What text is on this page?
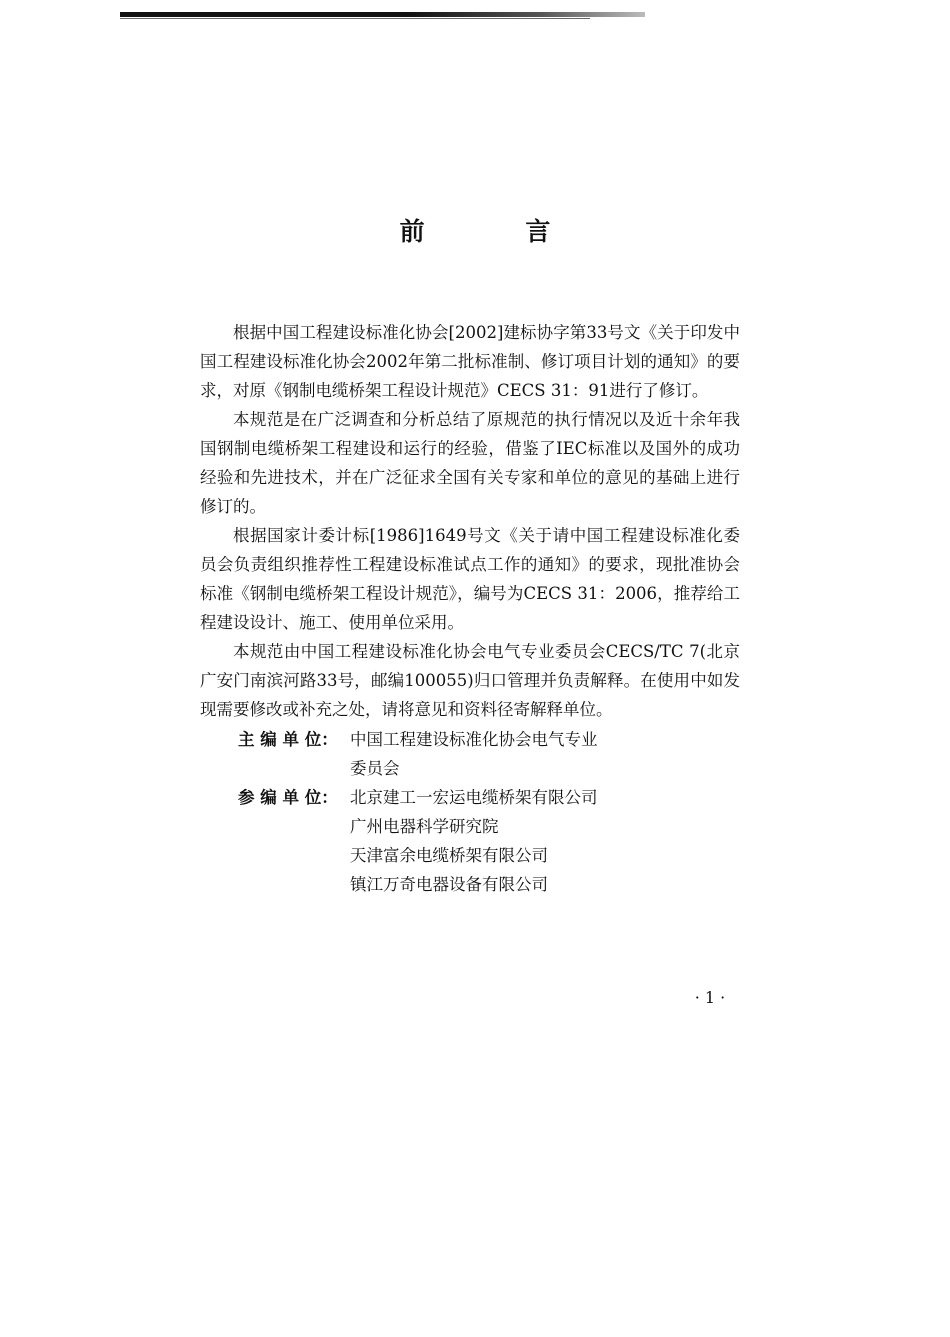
前 言

根据中国工程建设标准化协会[2002]建标协字第33号文《关于印发中国工程建设标准化协会2002年第二批标准制、修订项目计划的通知》的要求，对原《钢制电缆桥架工程设计规范》CECS 31：91进行了修订。

本规范是在广泛调查和分析总结了原规范的执行情况以及近十余年我国钢制电缆桥架工程建设和运行的经验，借鉴了IEC标准以及国外的成功经验和先进技术，并在广泛征求全国有关专家和单位的意见的基础上进行修订的。

根据国家计委计标[1986]1649号文《关于请中国工程建设标准化委员会负责组织推荐性工程建设标准试点工作的通知》的要求，现批准协会标准《钢制电缆桥架工程设计规范》，编号为CECS 31：2006，推荐给工程建设设计、施工、使用单位采用。

本规范由中国工程建设标准化协会电气专业委员会CECS/TC 7(北京广安门南滨河路33号，邮编100055)归口管理并负责解释。在使用中如发现需要修改或补充之处，请将意见和资料径寄解释单位。

主 编 单 位： 中国工程建设标准化协会电气专业
委员会
参 编 单 位： 北京建工一宏运电缆桥架有限公司
广州电器科学研究院
天津富余电缆桥架有限公司
镇江万奇电器设备有限公司
· 1 ·
